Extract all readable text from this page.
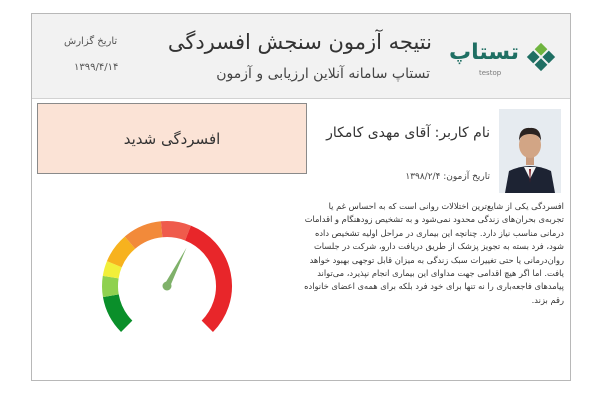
تاریخ گزارش
۱۳۹۹/۴/۱۴
نتیجه آزمون سنجش افسردگی
تستاپ سامانه آنلاین ارزیابی و آزمون
تستاپ
testop
افسردگی شدید	نام کاربر: آقای مهدی کامکار
تاریخ آزمون: ۱۳۹۸/۲/۴
افسردگی یکی از شایع‌ترین اختلالات روانی است که به احساس غم یا تجربه‌ی بحران‌های زندگی محدود نمی‌شود و به تشخیص زودهنگام و اقدامات درمانی مناسب نیاز دارد. چنانچه این بیماری در مراحل اولیه تشخیص داده شود، فرد بسته به تجویز پزشک از طریق دریافت دارو، شرکت در جلسات روان‌درمانی یا حتی تغییرات سبک زندگی به میزان قابل توجهی بهبود خواهد یافت. اما اگر هیچ اقدامی جهت مداوای این بیماری انجام نپذیرد، می‌تواند پیامدهای فاجعه‌باری را نه تنها برای خود فرد بلکه برای همه‌ی اعضای خانواده رقم بزند.
